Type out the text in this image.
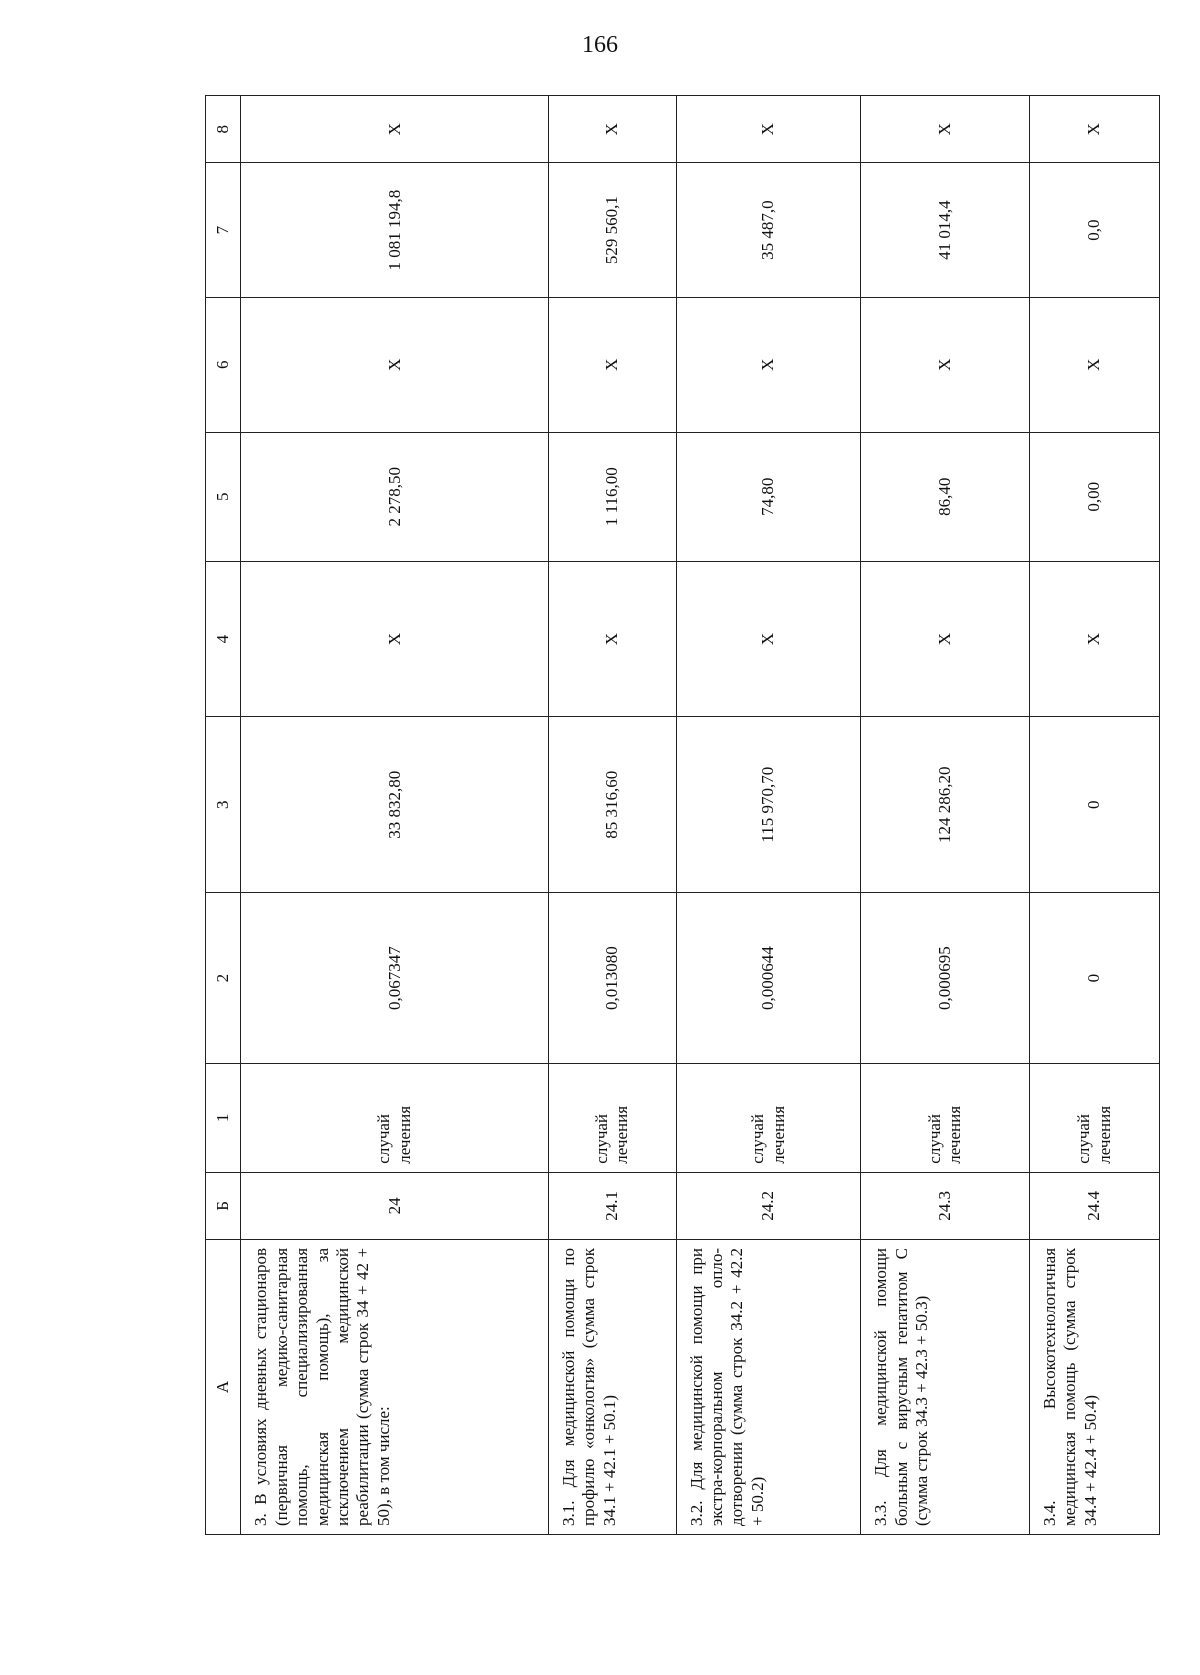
166
А	Б	1	2	3	4	5	6	7	8
3. В условиях дневных стационаров (первичная медико-санитарная помощь, специализированная медицинская помощь), за исключением медицинской реабилитации (сумма строк 34 + 42 + 50), в том числе:	24	случай лечения	0,067347	33 832,80	Х	2 278,50	Х	1 081 194,8	Х
3.1. Для медицинской помощи по профилю «онкология» (сумма строк 34.1 + 42.1 + 50.1)	24.1	случай лечения	0,013080	85 316,60	Х	1 116,00	Х	529 560,1	Х
3.2. Для медицинской помощи при экстра-корпоральном опло-дотворении (сумма строк 34.2 + 42.2 + 50.2)	24.2	случай лечения	0,000644	115 970,70	Х	74,80	Х	35 487,0	Х
3.3. Для медицинской помощи больным с вирусным гепатитом С (сумма строк 34.3 + 42.3 + 50.3)	24.3	случай лечения	0,000695	124 286,20	Х	86,40	Х	41 014,4	Х
3.4. Высокотехнологичная медицинская помощь (сумма строк 34.4 + 42.4 + 50.4)	24.4	случай лечения	0	0	Х	0,00	Х	0,0	Х
